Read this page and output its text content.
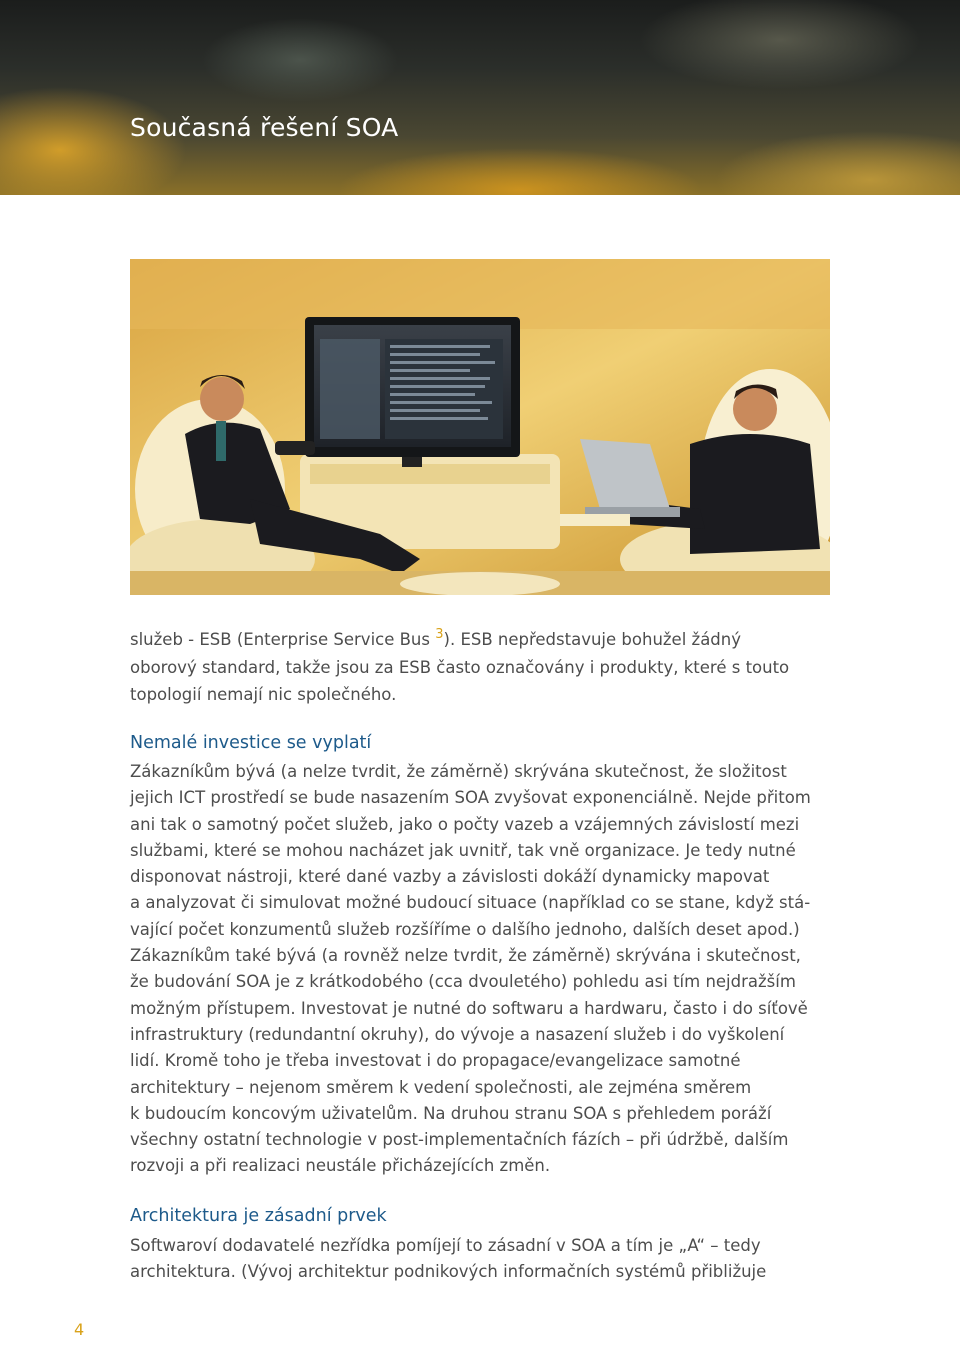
Současná řešení SOA
služeb - ESB (Enterprise Service Bus $^3$). ESB nepředstavuje bohužel žádný
oborový standard, takže jsou za ESB často označovány i produkty, které s touto
topologií nemají nic společného.
Nemalé investice se vyplatí
Zákazníkům bývá (a nelze tvrdit, že záměrně) skrývána skutečnost, že složitost
jejich ICT prostředí se bude nasazením SOA zvyšovat exponenciálně. Nejde přitom
ani tak o samotný počet služeb, jako o počty vazeb a vzájemných závislostí mezi
službami, které se mohou nacházet jak uvnitř, tak vně organizace. Je tedy nutné
disponovat nástroji, které dané vazby a závislosti dokáží dynamicky mapovat
a analyzovat či simulovat možné budoucí situace (například co se stane, když stá-
vající počet konzumentů služeb rozšíříme o dalšího jednoho, dalších deset apod.)
Zákazníkům také bývá (a rovněž nelze tvrdit, že záměrně) skrývána i skutečnost,
že budování SOA je z krátkodobého (cca dvouletého) pohledu asi tím nejdražším
možným přístupem. Investovat je nutné do softwaru a hardwaru, často i do síťově
infrastruktury (redundantní okruhy), do vývoje a nasazení služeb i do vyškolení
lidí. Kromě toho je třeba investovat i do propagace/evangelizace samotné
architektury – nejenom směrem k vedení společnosti, ale zejména směrem
k budoucím koncovým uživatelům. Na druhou stranu SOA s přehledem poráží
všechny ostatní technologie v post-implementačních fázích – při údržbě, dalším
rozvoji a při realizaci neustále přicházejících změn.
Architektura je zásadní prvek
Softwaroví dodavatelé nezřídka pomíjejí to zásadní v SOA a tím je „A“ – tedy
architektura. (Vývoj architektur podnikových informačních systémů přibližuje
4
